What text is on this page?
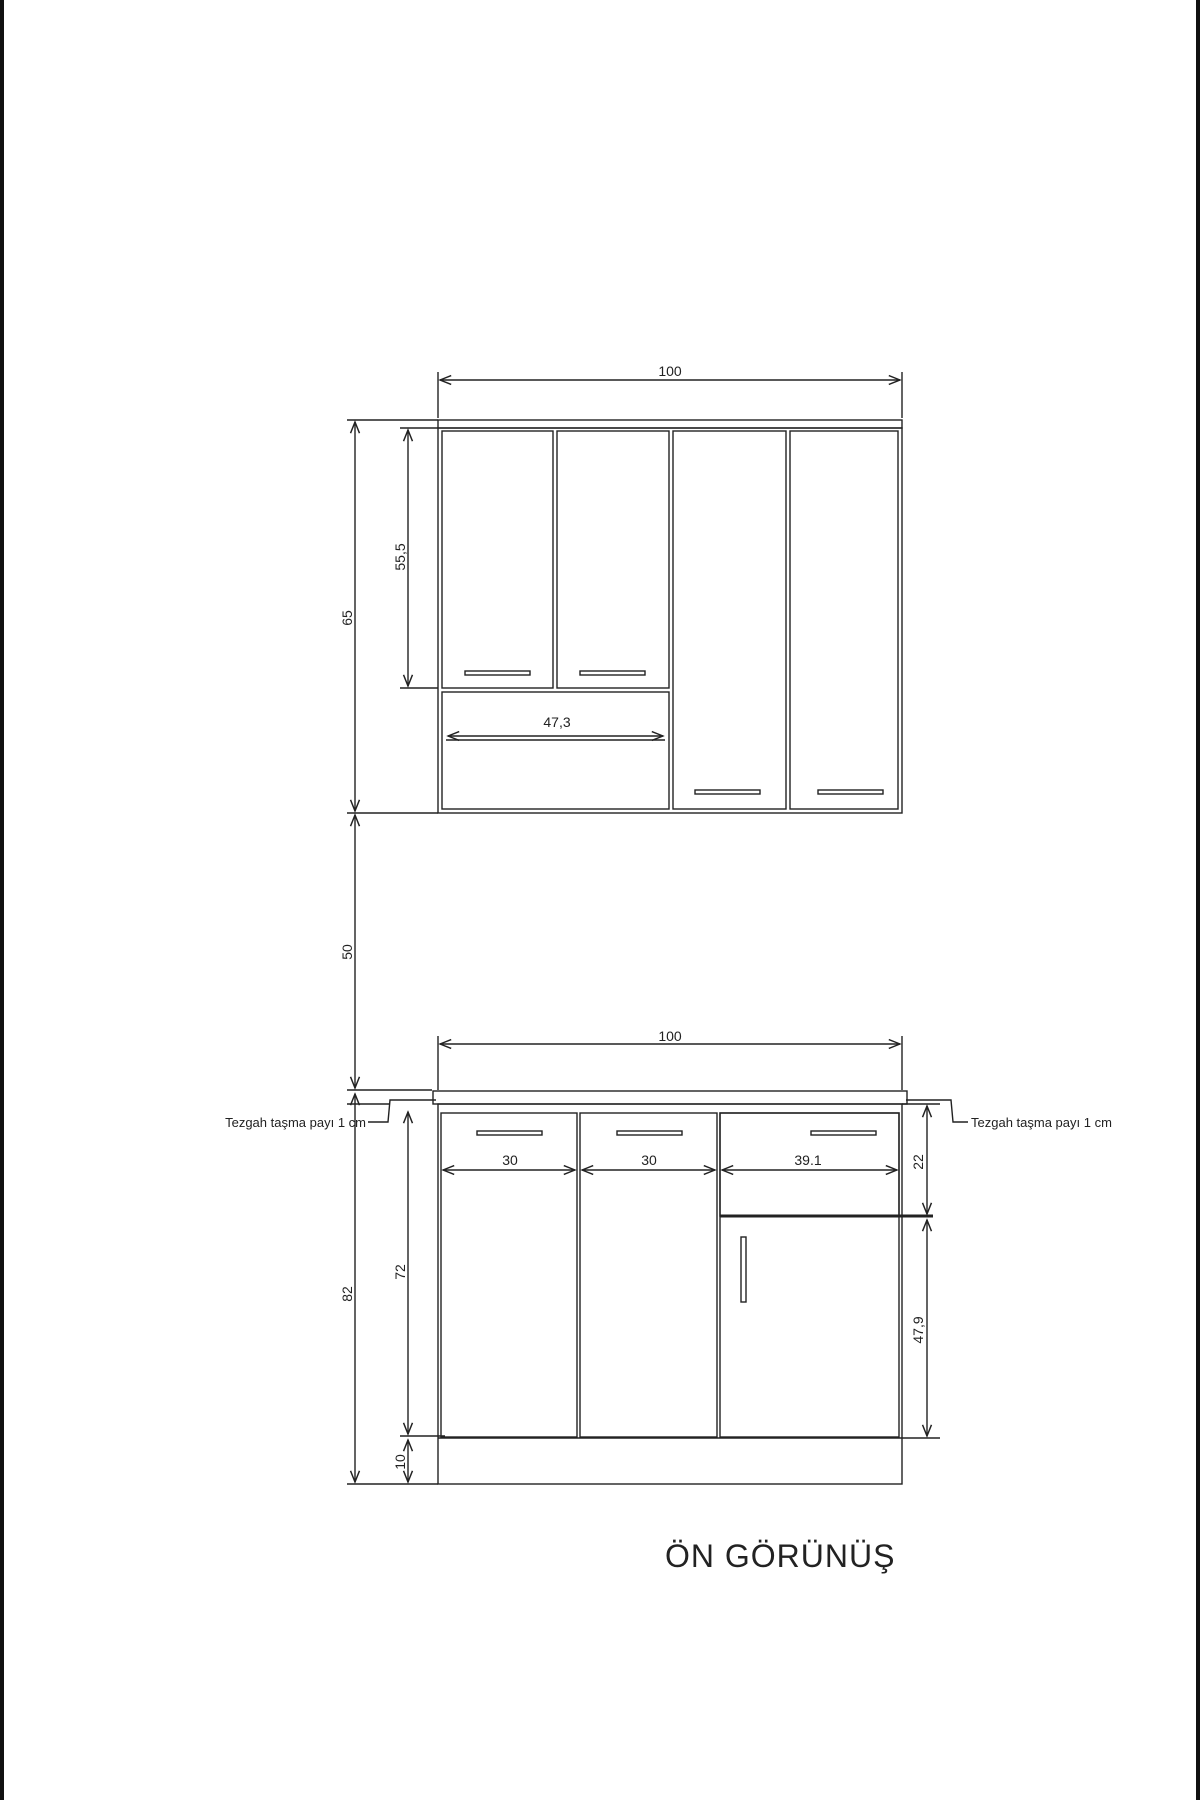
100
65
55,5
47,3
50
100
30	30	39.1	22
47,9
82
72
10
Tezgah taşma payı 1 cm	Tezgah taşma payı 1 cm
ÖN GÖRÜNÜŞ
